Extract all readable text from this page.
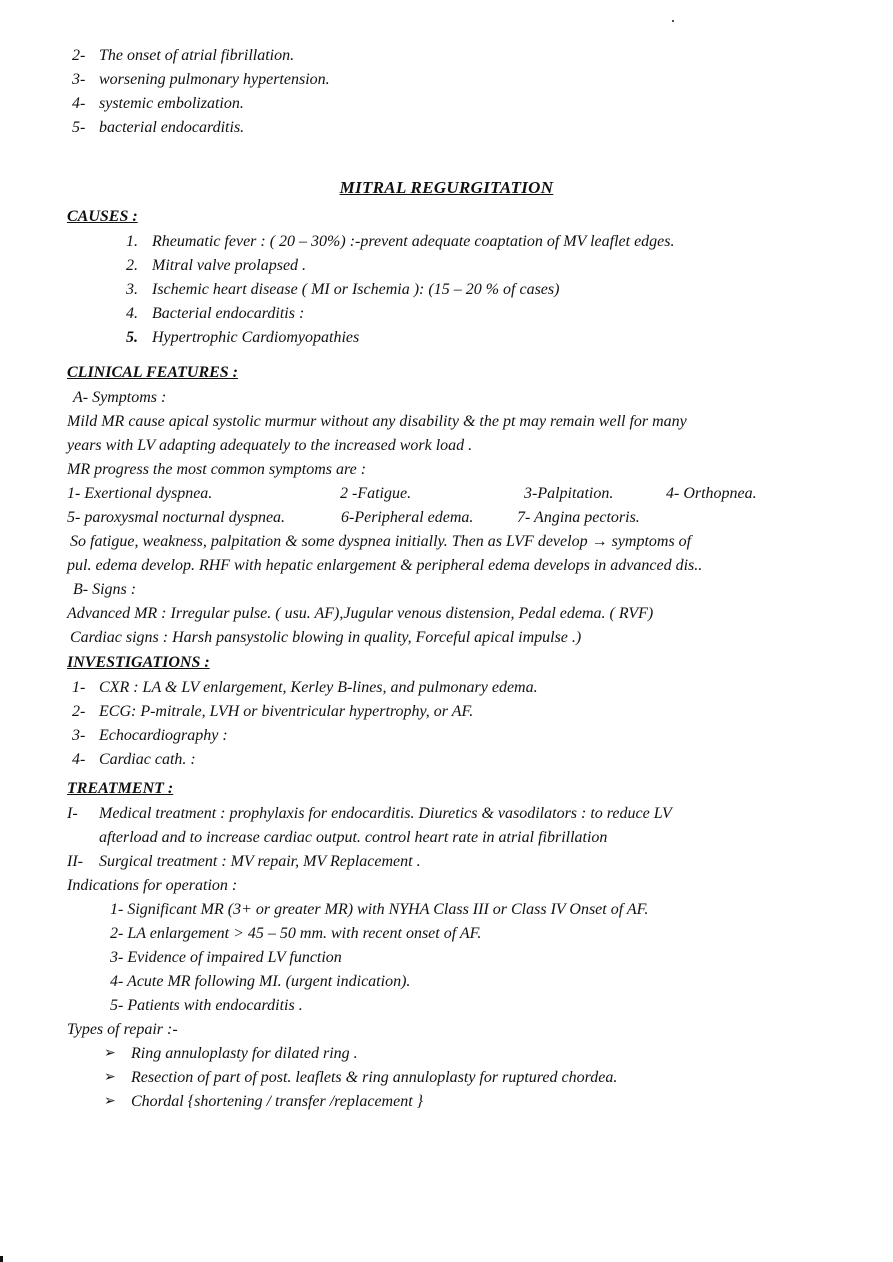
2- The onset of atrial fibrillation.
3- worsening pulmonary hypertension.
4- systemic embolization.
5- bacterial endocarditis.
MITRAL REGURGITATION
CAUSES :
1. Rheumatic fever : ( 20 – 30%) :-prevent adequate coaptation of MV leaflet edges.
2. Mitral valve prolapsed .
3. Ischemic heart disease ( MI or Ischemia ): (15 – 20 % of cases)
4. Bacterial endocarditis :
5. Hypertrophic Cardiomyopathies
CLINICAL FEATURES :
A- Symptoms :
Mild MR cause apical systolic murmur without any disability & the pt may remain well for many
years with LV adapting adequately to the increased work load .
MR progress the most common symptoms are :
1- Exertional dyspnea.	2 -Fatigue.	3-Palpitation.	4- Orthopnea.
5- paroxysmal nocturnal dyspnea.	6-Peripheral edema.	7- Angina pectoris.
So fatigue, weakness, palpitation & some dyspnea initially. Then as LVF develop → symptoms of
pul. edema develop. RHF with hepatic enlargement & peripheral edema develops in advanced dis..
B- Signs :
Advanced MR : Irregular pulse. ( usu. AF),Jugular venous distension, Pedal edema. ( RVF)
Cardiac signs : Harsh pansystolic blowing in quality, Forceful apical impulse .)
INVESTIGATIONS :
1- CXR : LA & LV enlargement, Kerley B-lines, and pulmonary edema.
2- ECG: P-mitrale, LVH or biventricular hypertrophy, or AF.
3- Echocardiography :
4- Cardiac cath. :
TREATMENT :
I- Medical treatment : prophylaxis for endocarditis. Diuretics & vasodilators : to reduce LV
afterload and to increase cardiac output. control heart rate in atrial fibrillation
II- Surgical treatment : MV repair, MV Replacement .
Indications for operation :
1- Significant MR (3+ or greater MR) with NYHA Class III or Class IV Onset of AF.
2- LA enlargement > 45 – 50 mm. with recent onset of AF.
3- Evidence of impaired LV function
4- Acute MR following MI. (urgent indication).
5- Patients with endocarditis .
Types of repair :-
➢ Ring annuloplasty for dilated ring .
➢ Resection of part of post. leaflets & ring annuloplasty for ruptured chordea.
➢ Chordal {shortening / transfer /replacement }
